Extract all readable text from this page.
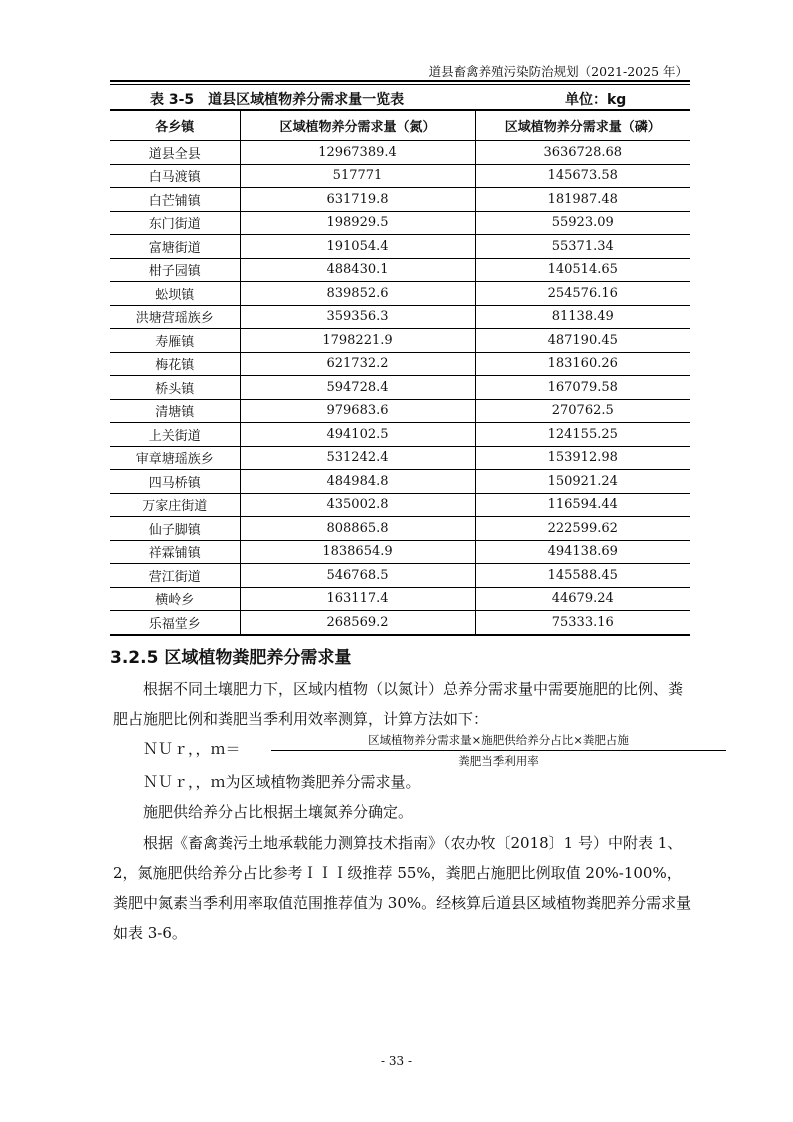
道县畜禽养殖污染防治规划（2021-2025 年）
表 3-5　道县区域植物养分需求量一览表	单位：kg
各乡镇	区域植物养分需求量（氮）	区域植物养分需求量（磷）
道县全县	12967389.4	3636728.68
白马渡镇	517771	145673.58
白芒铺镇	631719.8	181987.48
东门街道	198929.5	55923.09
富塘街道	191054.4	55371.34
柑子园镇	488430.1	140514.65
蚣坝镇	839852.6	254576.16
洪塘营瑶族乡	359356.3	81138.49
寿雁镇	1798221.9	487190.45
梅花镇	621732.2	183160.26
桥头镇	594728.4	167079.58
清塘镇	979683.6	270762.5
上关街道	494102.5	124155.25
审章塘瑶族乡	531242.4	153912.98
四马桥镇	484984.8	150921.24
万家庄街道	435002.8	116594.44
仙子脚镇	808865.8	222599.62
祥霖铺镇	1838654.9	494138.69
营江街道	546768.5	145588.45
横岭乡	163117.4	44679.24
乐福堂乡	268569.2	75333.16
3.2.5 区域植物粪肥养分需求量
根据不同土壤肥力下，区域内植物（以氮计）总养分需求量中需要施肥的比例、粪肥占施肥比例和粪肥当季利用效率测算，计算方法如下：
ＮＵｒ，，ｍ＝	区域植物养分需求量×施肥供给养分占比×粪肥占施
粪肥当季利用率
ＮＵｒ，，ｍ为区域植物粪肥养分需求量。
施肥供给养分占比根据土壤氮养分确定。
根据《畜禽粪污土地承载能力测算技术指南》（农办牧〔2018〕1 号）中附表 1、2，氮施肥供给养分占比参考ＩＩＩ级推荐 55%，粪肥占施肥比例取值 20%-100%，粪肥中氮素当季利用率取值范围推荐值为 30%。经核算后道县区域植物粪肥养分需求量如表 3-6。
- 33 -
